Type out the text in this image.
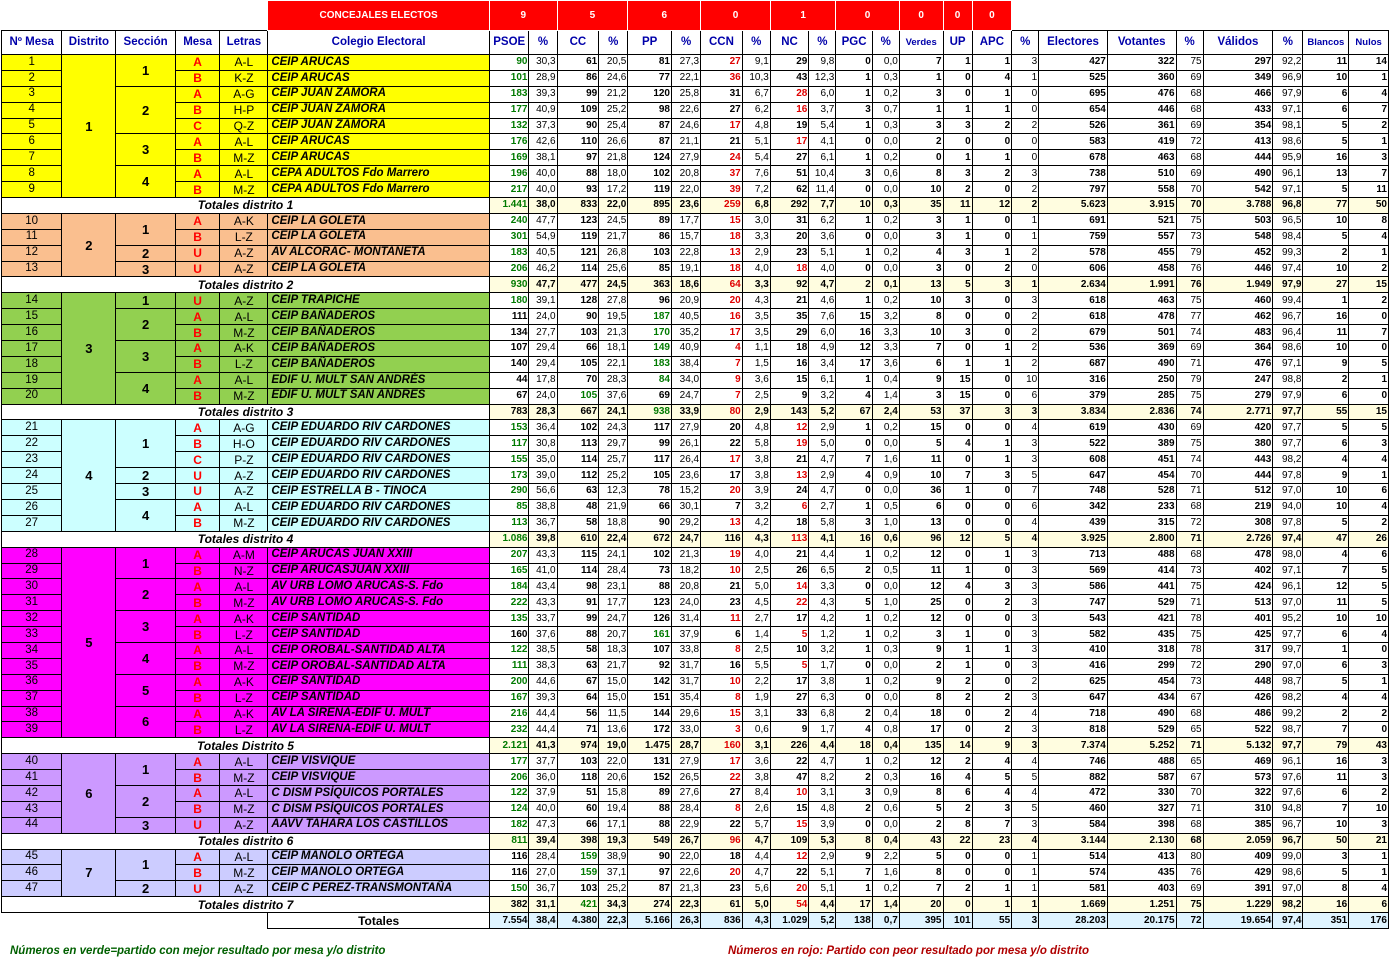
					CONCEJALES ELECTOS	9		5		6		0		1		0		0	0	0								
Nº Mesa	Distrito	Sección	Mesa	Letras	Colegio Electoral	PSOE	%	CC	%	PP	%	CCN	%	NC	%	PGC	%	Verdes	UP	APC	%	Electores	Votantes	%	Válidos	%	Blancos	Nulos
1	1	1	A	A-L	CEIP ARUCAS	90	30,3	61	20,5	81	27,3	27	9,1	29	9,8	0	0,0	7	1	1	3	427	322	75	297	92,2	11	14
2			B	K-Z	CEIP ARUCAS	101	28,9	86	24,6	77	22,1	36	10,3	43	12,3	1	0,3	1	0	4	1	525	360	69	349	96,9	10	1
3		2	A	A-G	CEIP JUAN ZAMORA	183	39,3	99	21,2	120	25,8	31	6,7	28	6,0	1	0,2	3	0	1	0	695	476	68	466	97,9	6	4
4			B	H-P	CEIP JUAN ZAMORA	177	40,9	109	25,2	98	22,6	27	6,2	16	3,7	3	0,7	1	1	1	0	654	446	68	433	97,1	6	7
5			C	Q-Z	CEIP JUAN ZAMORA	132	37,3	90	25,4	87	24,6	17	4,8	19	5,4	1	0,3	3	3	2	2	526	361	69	354	98,1	5	2
6		3	A	A-L	CEIP ARUCAS	176	42,6	110	26,6	87	21,1	21	5,1	17	4,1	0	0,0	2	0	0	0	583	419	72	413	98,6	5	1
7			B	M-Z	CEIP ARUCAS	169	38,1	97	21,8	124	27,9	24	5,4	27	6,1	1	0,2	0	1	1	0	678	463	68	444	95,9	16	3
8		4	A	A-L	CEPA ADULTOS Fdo Marrero	196	40,0	88	18,0	102	20,8	37	7,6	51	10,4	3	0,6	8	3	2	3	738	510	69	490	96,1	13	7
9			B	M-Z	CEPA ADULTOS Fdo Marrero	217	40,0	93	17,2	119	22,0	39	7,2	62	11,4	0	0,0	10	2	0	2	797	558	70	542	97,1	5	11
Totales distrito 1						1.441	38,0	833	22,0	895	23,6	259	6,8	292	7,7	10	0,3	35	11	12	2	5.623	3.915	70	3.788	96,8	77	50
10	2	1	A	A-K	CEIP LA GOLETA	240	47,7	123	24,5	89	17,7	15	3,0	31	6,2	1	0,2	3	1	0	1	691	521	75	503	96,5	10	8
11			B	L-Z	CEIP LA GOLETA	301	54,9	119	21,7	86	15,7	18	3,3	20	3,6	0	0,0	3	1	0	1	759	557	73	548	98,4	5	4
12		2	U	A-Z	AV ALCORAC- MONTAÑETA	183	40,5	121	26,8	103	22,8	13	2,9	23	5,1	1	0,2	4	3	1	2	578	455	79	452	99,3	2	1
13		3	U	A-Z	CEIP LA GOLETA	206	46,2	114	25,6	85	19,1	18	4,0	18	4,0	0	0,0	3	0	2	0	606	458	76	446	97,4	10	2
Totales distrito 2						930	47,7	477	24,5	363	18,6	64	3,3	92	4,7	2	0,1	13	5	3	1	2.634	1.991	76	1.949	97,9	27	15
14	3	1	U	A-Z	CEIP TRAPICHE	180	39,1	128	27,8	96	20,9	20	4,3	21	4,6	1	0,2	10	3	0	3	618	463	75	460	99,4	1	2
15		2	A	A-L	CEIP BAÑADEROS	111	24,0	90	19,5	187	40,5	16	3,5	35	7,6	15	3,2	8	0	0	2	618	478	77	462	96,7	16	0
16			B	M-Z	CEIP BAÑADEROS	134	27,7	103	21,3	170	35,2	17	3,5	29	6,0	16	3,3	10	3	0	2	679	501	74	483	96,4	11	7
17		3	A	A-K	CEIP BAÑADEROS	107	29,4	66	18,1	149	40,9	4	1,1	18	4,9	12	3,3	7	0	1	2	536	369	69	364	98,6	10	0
18			B	L-Z	CEIP BAÑADEROS	140	29,4	105	22,1	183	38,4	7	1,5	16	3,4	17	3,6	6	1	1	2	687	490	71	476	97,1	9	5
19		4	A	A-L	EDIF U. MULT SAN ANDRÉS	44	17,8	70	28,3	84	34,0	9	3,6	15	6,1	1	0,4	9	15	0	10	316	250	79	247	98,8	2	1
20			B	M-Z	EDIF U. MULT SAN ANDRÉS	67	24,0	105	37,6	69	24,7	7	2,5	9	3,2	4	1,4	3	15	0	6	379	285	75	279	97,9	6	0
Totales distrito 3						783	28,3	667	24,1	938	33,9	80	2,9	143	5,2	67	2,4	53	37	3	3	3.834	2.836	74	2.771	97,7	55	15
21	4	1	A	A-G	CEIP EDUARDO RIV CARDONES	153	36,4	102	24,3	117	27,9	20	4,8	12	2,9	1	0,2	15	0	0	4	619	430	69	420	97,7	5	5
22			B	H-O	CEIP EDUARDO RIV CARDONES	117	30,8	113	29,7	99	26,1	22	5,8	19	5,0	0	0,0	5	4	1	3	522	389	75	380	97,7	6	3
23			C	P-Z	CEIP EDUARDO RIV CARDONES	155	35,0	114	25,7	117	26,4	17	3,8	21	4,7	7	1,6	11	0	1	3	608	451	74	443	98,2	4	4
24		2	U	A-Z	CEIP EDUARDO RIV CARDONES	173	39,0	112	25,2	105	23,6	17	3,8	13	2,9	4	0,9	10	7	3	5	647	454	70	444	97,8	9	1
25		3	U	A-Z	CEIP ESTRELLA B - TINOCA	290	56,6	63	12,3	78	15,2	20	3,9	24	4,7	0	0,0	36	1	0	7	748	528	71	512	97,0	10	6
26		4	A	A-L	CEIP EDUARDO RIV CARDONES	85	38,8	48	21,9	66	30,1	7	3,2	6	2,7	1	0,5	6	0	0	6	342	233	68	219	94,0	10	4
27			B	M-Z	CEIP EDUARDO RIV CARDONES	113	36,7	58	18,8	90	29,2	13	4,2	18	5,8	3	1,0	13	0	0	4	439	315	72	308	97,8	5	2
Totales distrito 4						1.086	39,8	610	22,4	672	24,7	116	4,3	113	4,1	16	0,6	96	12	5	4	3.925	2.800	71	2.726	97,4	47	26
28	5	1	A	A-M	CEIP ARUCAS JUAN XXIII	207	43,3	115	24,1	102	21,3	19	4,0	21	4,4	1	0,2	12	0	1	3	713	488	68	478	98,0	4	6
29			B	N-Z	CEIP ARUCASJUAN XXIII	165	41,0	114	28,4	73	18,2	10	2,5	26	6,5	2	0,5	11	1	0	3	569	414	73	402	97,1	7	5
30		2	A	A-L	AV URB LOMO ARUCAS-S. Fdo	184	43,4	98	23,1	88	20,8	21	5,0	14	3,3	0	0,0	12	4	3	3	586	441	75	424	96,1	12	5
31			B	M-Z	AV URB LOMO ARUCAS-S. Fdo	222	43,3	91	17,7	123	24,0	23	4,5	22	4,3	5	1,0	25	0	2	3	747	529	71	513	97,0	11	5
32		3	A	A-K	CEIP SANTIDAD	135	33,7	99	24,7	126	31,4	11	2,7	17	4,2	1	0,2	12	0	0	3	543	421	78	401	95,2	10	10
33			B	L-Z	CEIP SANTIDAD	160	37,6	88	20,7	161	37,9	6	1,4	5	1,2	1	0,2	3	1	0	3	582	435	75	425	97,7	6	4
34		4	A	A-L	CEIP OROBAL-SANTIDAD ALTA	122	38,5	58	18,3	107	33,8	8	2,5	10	3,2	1	0,3	9	1	1	3	410	318	78	317	99,7	1	0
35			B	M-Z	CEIP OROBAL-SANTIDAD ALTA	111	38,3	63	21,7	92	31,7	16	5,5	5	1,7	0	0,0	2	1	0	3	416	299	72	290	97,0	6	3
36		5	A	A-K	CEIP SANTIDAD	200	44,6	67	15,0	142	31,7	10	2,2	17	3,8	1	0,2	9	2	0	2	625	454	73	448	98,7	5	1
37			B	L-Z	CEIP SANTIDAD	167	39,3	64	15,0	151	35,4	8	1,9	27	6,3	0	0,0	8	2	2	3	647	434	67	426	98,2	4	4
38		6	A	A-K	AV LA SIRENA-EDIF U. MULT	216	44,4	56	11,5	144	29,6	15	3,1	33	6,8	2	0,4	18	0	2	4	718	490	68	486	99,2	2	2
39			B	L-Z	AV LA SIRENA-EDIF U. MULT	232	44,4	71	13,6	172	33,0	3	0,6	9	1,7	4	0,8	17	0	2	3	818	529	65	522	98,7	7	0
Totales Distrito 5						2.121	41,3	974	19,0	1.475	28,7	160	3,1	226	4,4	18	0,4	135	14	9	3	7.374	5.252	71	5.132	97,7	79	43
40	6	1	A	A-L	CEIP VISVIQUE	177	37,7	103	22,0	131	27,9	17	3,6	22	4,7	1	0,2	12	2	4	4	746	488	65	469	96,1	16	3
41			B	M-Z	CEIP VISVIQUE	206	36,0	118	20,6	152	26,5	22	3,8	47	8,2	2	0,3	16	4	5	5	882	587	67	573	97,6	11	3
42		2	A	A-L	C DISM PSÍQUICOS PORTALES	122	37,9	51	15,8	89	27,6	27	8,4	10	3,1	3	0,9	8	6	4	4	472	330	70	322	97,6	6	2
43			B	M-Z	C DISM PSÍQUICOS PORTALES	124	40,0	60	19,4	88	28,4	8	2,6	15	4,8	2	0,6	5	2	3	5	460	327	71	310	94,8	7	10
44		3	U	A-Z	AAVV TAHARA LOS CASTILLOS	182	47,3	66	17,1	88	22,9	22	5,7	15	3,9	0	0,0	2	8	7	3	584	398	68	385	96,7	10	3
Totales distrito 6						811	39,4	398	19,3	549	26,7	96	4,7	109	5,3	8	0,4	43	22	23	4	3.144	2.130	68	2.059	96,7	50	21
45	7	1	A	A-L	CEIP MANOLO ORTEGA	116	28,4	159	38,9	90	22,0	18	4,4	12	2,9	9	2,2	5	0	0	1	514	413	80	409	99,0	3	1
46			B	M-Z	CEIP MANOLO ORTEGA	116	27,0	159	37,1	97	22,6	20	4,7	22	5,1	7	1,6	8	0	0	1	574	435	76	429	98,6	5	1
47		2	U	A-Z	CEIP C PEREZ-TRANSMONTAÑA	150	36,7	103	25,2	87	21,3	23	5,6	20	5,1	1	0,2	7	2	1	1	581	403	69	391	97,0	8	4
Totales distrito 7						382	31,1	421	34,3	274	22,3	61	5,0	54	4,4	17	1,4	20	0	1	1	1.669	1.251	75	1.229	98,2	16	6
					Totales	7.554	38,4	4.380	22,3	5.166	26,3	836	4,3	1.029	5,2	138	0,7	395	101	55	3	28.203	20.175	72	19.654	97,4	351	176
Números en verde=partido con mejor resultado por mesa y/o distrito	Números en rojo: Partido con peor resultado por mesa y/o distrito
